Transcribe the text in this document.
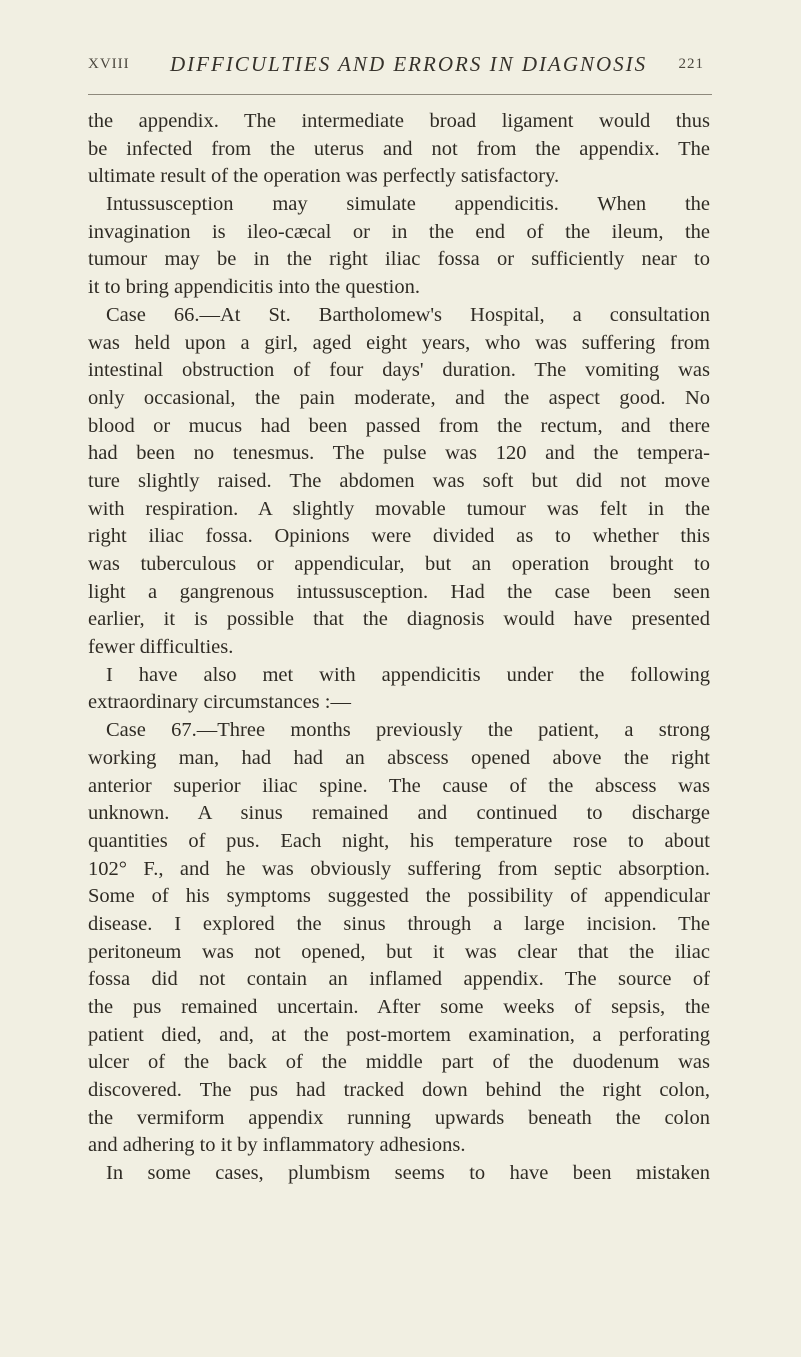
XVIII DIFFICULTIES AND ERRORS IN DIAGNOSIS 221
the appendix. The intermediate broad ligament would thus
be infected from the uterus and not from the appendix. The
ultimate result of the operation was perfectly satisfactory.
Intussusception may simulate appendicitis. When the
invagination is ileo-cæcal or in the end of the ileum, the
tumour may be in the right iliac fossa or sufficiently near to
it to bring appendicitis into the question.
Case 66.—At St. Bartholomew's Hospital, a consultation
was held upon a girl, aged eight years, who was suffering from
intestinal obstruction of four days' duration. The vomiting was
only occasional, the pain moderate, and the aspect good. No
blood or mucus had been passed from the rectum, and there
had been no tenesmus. The pulse was 120 and the tempera-
ture slightly raised. The abdomen was soft but did not move
with respiration. A slightly movable tumour was felt in the
right iliac fossa. Opinions were divided as to whether this
was tuberculous or appendicular, but an operation brought to
light a gangrenous intussusception. Had the case been seen
earlier, it is possible that the diagnosis would have presented
fewer difficulties.
I have also met with appendicitis under the following
extraordinary circumstances :—
Case 67.—Three months previously the patient, a strong
working man, had had an abscess opened above the right
anterior superior iliac spine. The cause of the abscess was
unknown. A sinus remained and continued to discharge
quantities of pus. Each night, his temperature rose to about
102° F., and he was obviously suffering from septic absorption.
Some of his symptoms suggested the possibility of appendicular
disease. I explored the sinus through a large incision. The
peritoneum was not opened, but it was clear that the iliac
fossa did not contain an inflamed appendix. The source of
the pus remained uncertain. After some weeks of sepsis, the
patient died, and, at the post-mortem examination, a perforating
ulcer of the back of the middle part of the duodenum was
discovered. The pus had tracked down behind the right colon,
the vermiform appendix running upwards beneath the colon
and adhering to it by inflammatory adhesions.
In some cases, plumbism seems to have been mistaken
